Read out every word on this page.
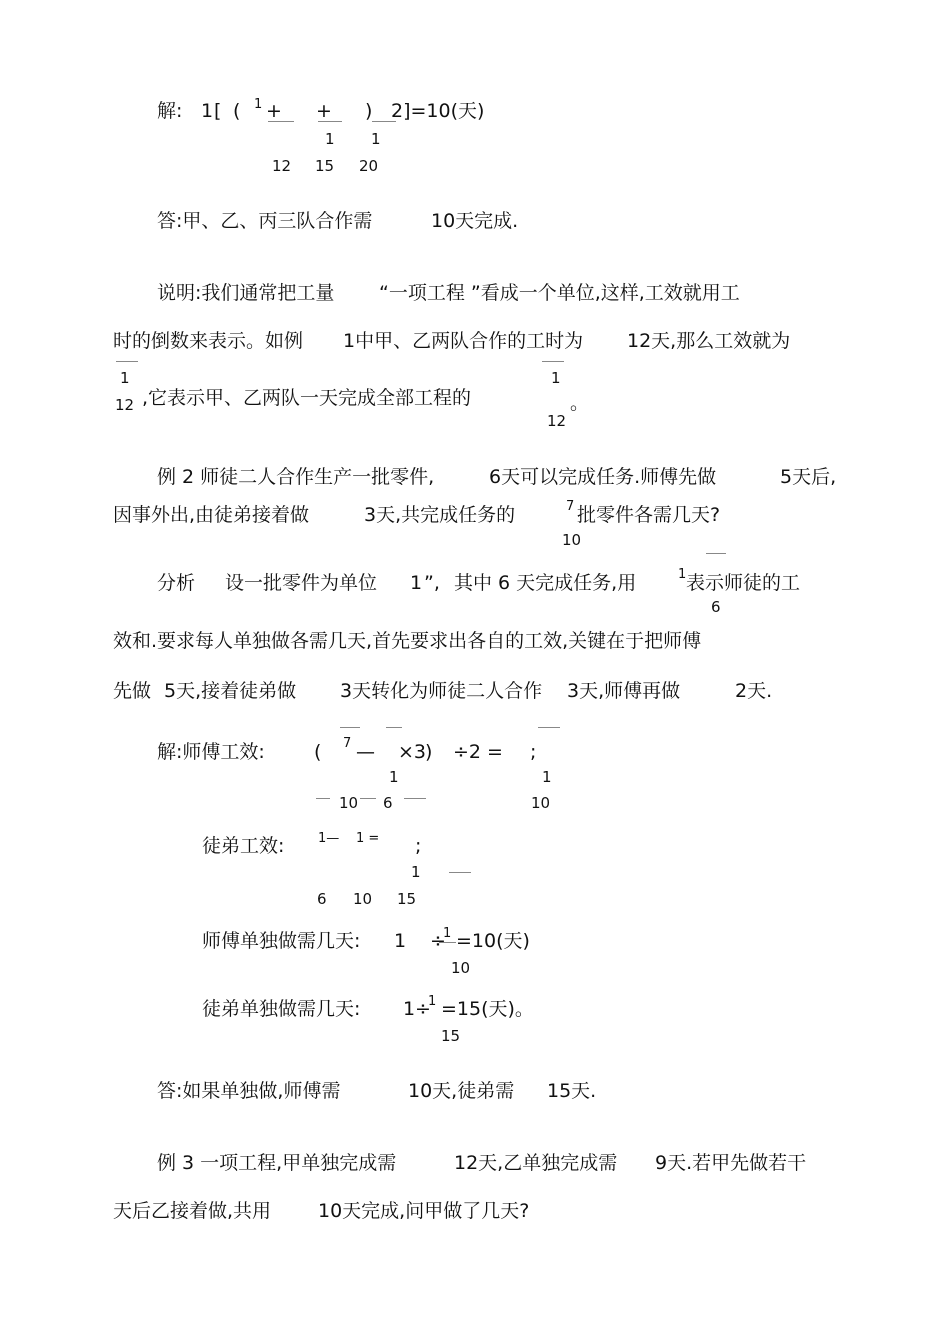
解: 1 [ ( 1 + + ) 2]=10(天)
1 1
12 15 20
答:甲、乙、丙三队合作需	10天完成.
说明:我们通常把工量 “一项工程 ”看成一个单位,这样,工效就用工
时的倒数来表示。如例 1中甲、乙两队合作的工时为 12天,那么工效就为
1
12 ,它表示甲、乙两队一天完成全部工程的
1
12
。
例 2 师徒二人合作生产一批零件,	6天可以完成任务.师傅先做	5天后,
因事外出,由徒弟接着做	3天,共完成任务的	7 批零件各需几天?
10
分析 设一批零件为单位 1 ”, 其中 6 天完成任务,用	1 表示师徒的工
6
效和.要求每人单独做各需几天,首先要求出各自的工效,关键在于把师傅
先做 5天,接着徒弟做 3天转化为师徒二人合作 3天,师傅再做	2天.
解:师傅工效:	( 7 — ×3
) ÷2 = ;
1	1
10 6	10
徒弟工效:	1— 1 = ;
1
6 10 15
师傅单独做需几天: 1 ÷
1 =10(天)
10
徒弟单独做需几天: 1 ÷
1 =15(天)。
15
答:如果单独做,师傅需	10天,徒弟需 15天.
例 3 一项工程,甲单独完成需	12天,乙单独完成需 9天.若甲先做若干
天后乙接着做,共用 10天完成,问甲做了几天?
